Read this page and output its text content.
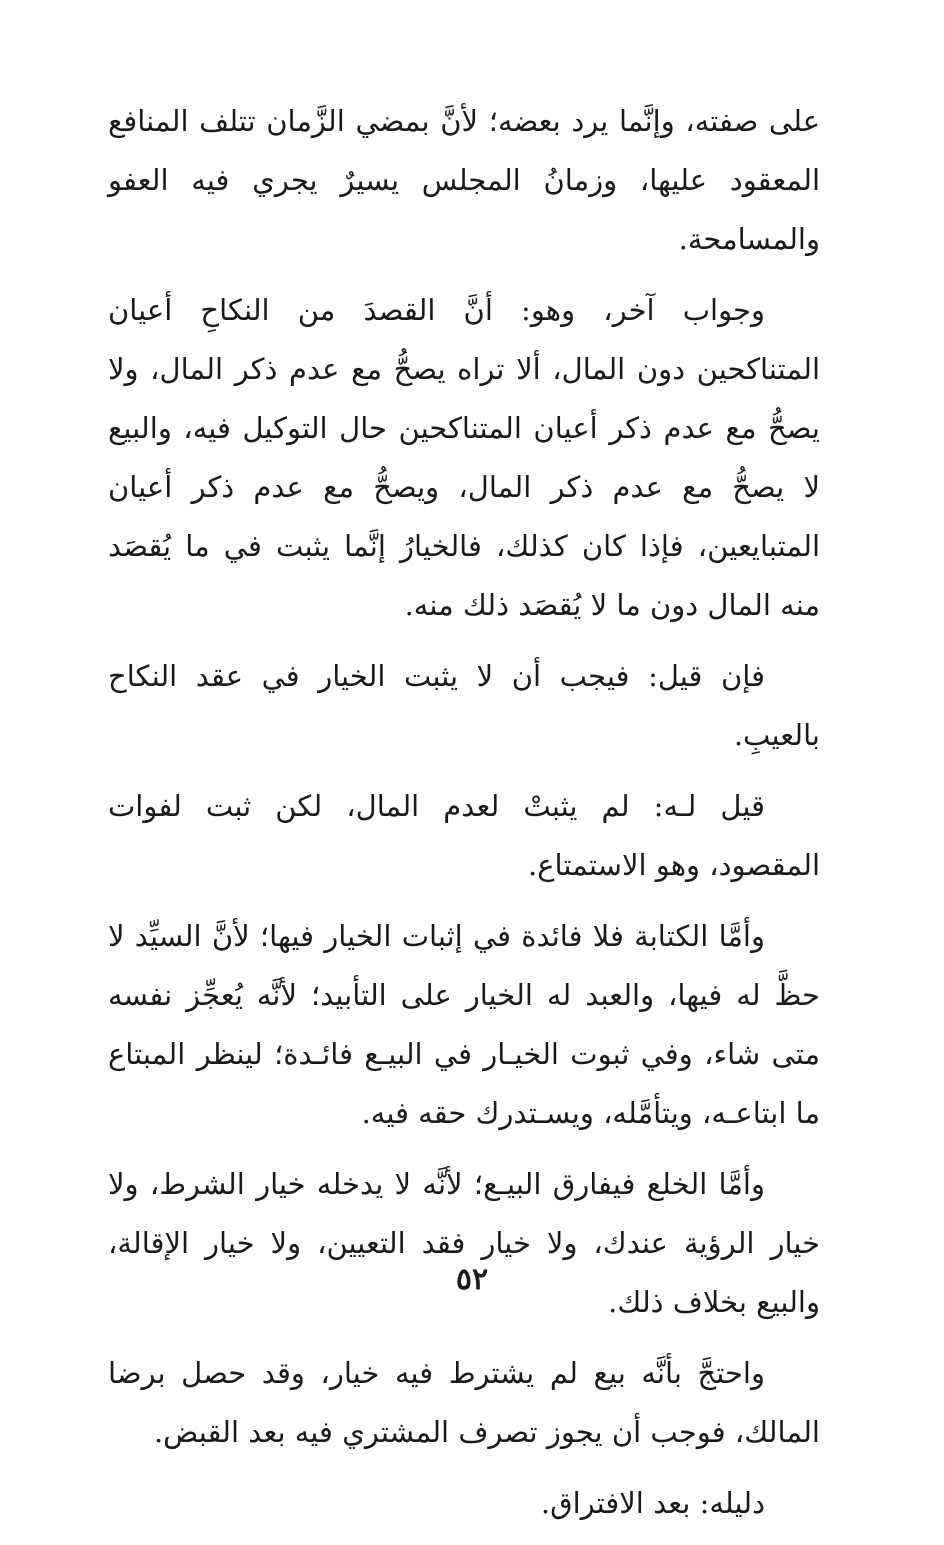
على صفته، وإنَّما يرد بعضه؛ لأنَّ بمضي الزَّمان تتلف المنافع المعقود عليها، وزمانُ المجلس يسيرٌ يجري فيه العفو والمسامحة.

وجواب آخر، وهو: أنَّ القصدَ من النكاحِ أعيان المتناكحين دون المال، ألا تراه يصحُّ مع عدم ذكر المال، ولا يصحُّ مع عدم ذكر أعيان المتناكحين حال التوكيل فيه، والبيع لا يصحُّ مع عدم ذكر المال، ويصحُّ مع عدم ذكر أعيان المتبايعين، فإذا كان كذلك، فالخيارُ إنَّما يثبت في ما يُقصَد منه المال دون ما لا يُقصَد ذلك منه.

فإن قيل: فيجب أن لا يثبت الخيار في عقد النكاح بالعيبِ.

قيل لـه: لم يثبتْ لعدم المال، لكن ثبت لفوات المقصود، وهو الاستمتاع.

وأمَّا الكتابة فلا فائدة في إثبات الخيار فيها؛ لأنَّ السيِّد لا حظَّ له فيها، والعبد له الخيار على التأبيد؛ لأنَّه يُعجِّز نفسه متى شاء، وفي ثبوت الخيـار في البيـع فائـدة؛ لينظر المبتاع ما ابتاعـه، ويتأمَّله، ويسـتدرك حقه فيه.

وأمَّا الخلع فيفارق البيـع؛ لأنَّه لا يدخله خيار الشرط، ولا خيار الرؤية عندك، ولا خيار فقد التعيين، ولا خيار الإقالة، والبيع بخلاف ذلك.

واحتجَّ بأنَّه بيع لم يشترط فيه خيار، وقد حصل برضا المالك، فوجب أن يجوز تصرف المشتري فيه بعد القبض.

دليله: بعد الافتراق.

٥٢
